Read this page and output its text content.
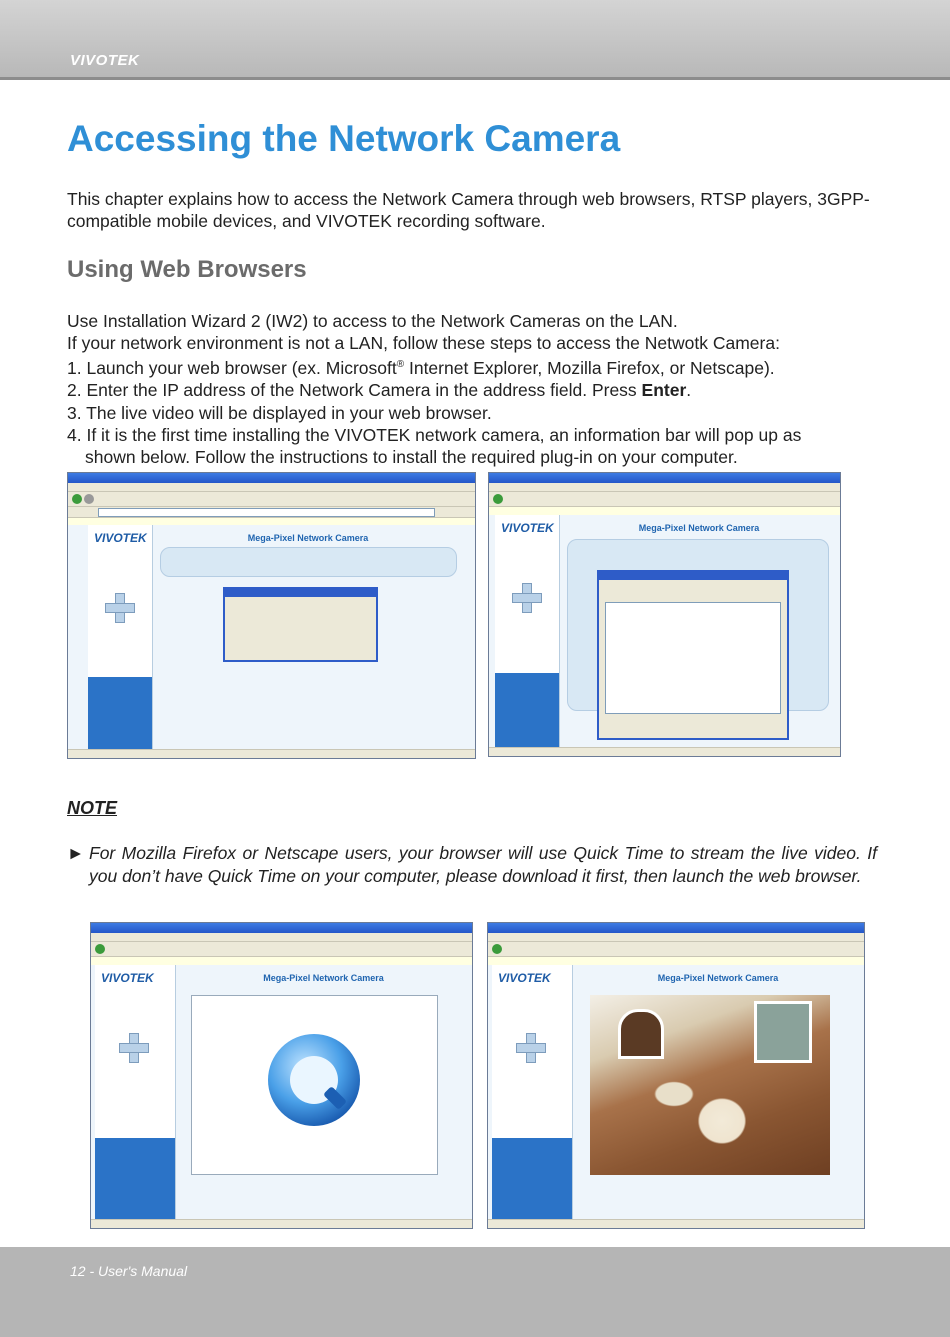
VIVOTEK
Accessing the Network Camera

This chapter explains how to access the Network Camera through web browsers, RTSP players, 3GPP-compatible mobile devices, and VIVOTEK recording software.

Using Web Browsers
Use Installation Wizard 2 (IW2) to access to the Network Cameras on the LAN.
If your network environment is not a LAN, follow these steps to access the Netwotk Camera:
1. Launch your web browser (ex. Microsoft® Internet Explorer, Mozilla Firefox, or Netscape).
2. Enter the IP address of the Network Camera in the address field. Press Enter.
3. The live video will be displayed in your web browser.
4. If it is the first time installing the VIVOTEK network camera, an information bar will pop up as
shown below. Follow the instructions to install the required plug-in on your computer.
VIVOTEK	Mega-Pixel Network Camera
VIVOTEK	Mega-Pixel Network Camera
NOTE
► For Mozilla Firefox or Netscape users, your browser will use Quick Time to stream the live video. If you don’t have Quick Time on your computer, please download it first, then launch the web browser.
VIVOTEK	Mega-Pixel Network Camera	VIVOTEK	Mega-Pixel Network Camera
12 - User's Manual
